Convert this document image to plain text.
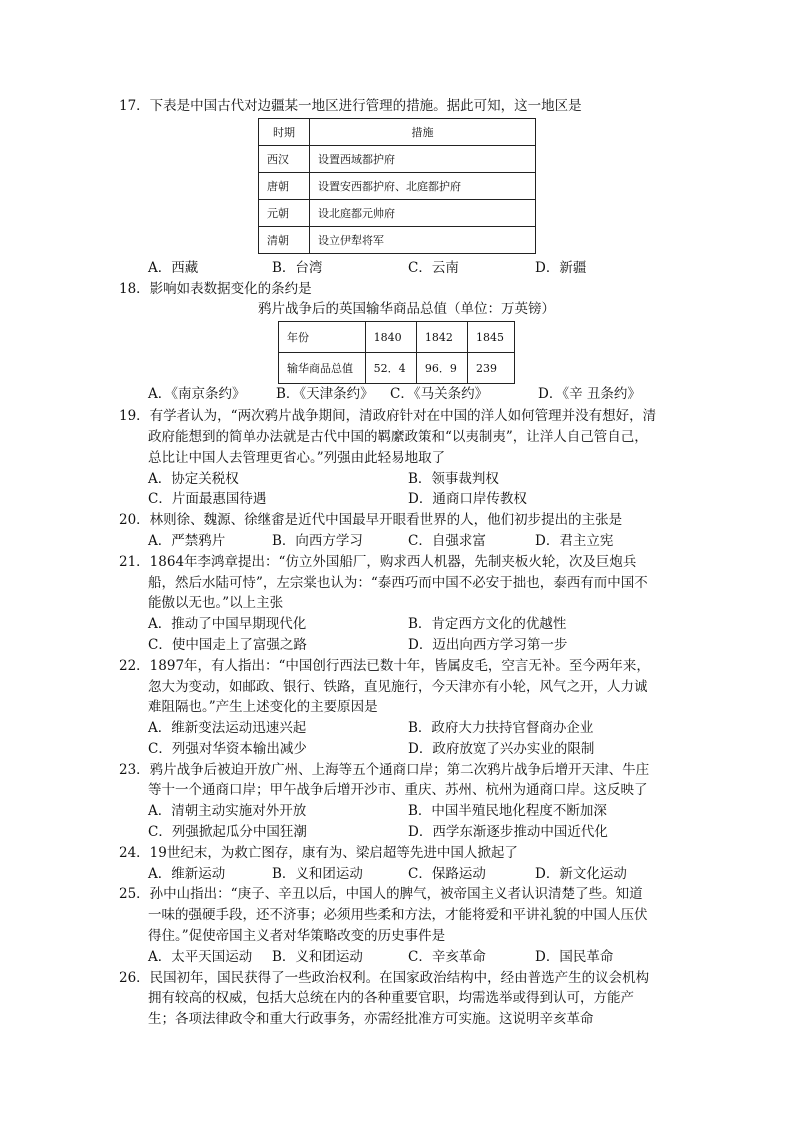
17．下表是中国古代对边疆某一地区进行管理的措施。据此可知，这一地区是
时期	措施
西汉	设置西域都护府
唐朝	设置安西都护府、北庭都护府
元朝	设北庭都元帅府
清朝	设立伊犁将军
A．西藏	B．台湾	C．云南	D．新疆
18．影响如表数据变化的条约是
鸦片战争后的英国输华商品总值（单位：万英镑）
年份	1840	1842	1845
输华商品总值	52．4	96．9	239
A．《南京条约》 B．《天津条约》 C．《马关条约》	D．《辛 丑条约》
19．有学者认为，“两次鸦片战争期间，清政府针对在中国的洋人如何管理并没有想好，清
政府能想到的简单办法就是古代中国的羁縻政策和“以夷制夷”，让洋人自己管自己，
总比让中国人去管理更省心。”列强由此轻易地取了
A．协定关税权	B．领事裁判权
C．片面最惠国待遇	D．通商口岸传教权
20．林则徐、魏源、徐继畬是近代中国最早开眼看世界的人，他们初步提出的主张是
A．严禁鸦片	B．向西方学习	C．自强求富	D．君主立宪
21．1864年李鸿章提出：“仿立外国船厂，购求西人机器，先制夹板火轮，次及巨炮兵
船，然后水陆可恃”，左宗棠也认为：“泰西巧而中国不必安于拙也，泰西有而中国不
能傲以无也。”以上主张
A．推动了中国早期现代化	B．肯定西方文化的优越性
C．使中国走上了富强之路	D．迈出向西方学习第一步
22．1897年，有人指出：“中国创行西法已数十年，皆属皮毛，空言无补。至今两年来，
忽大为变动，如邮政、银行、铁路，直见施行，今天津亦有小轮，风气之开，人力诚
难阻隔也。”产生上述变化的主要原因是
A．维新变法运动迅速兴起	B．政府大力扶持官督商办企业
C．列强对华资本输出减少	D．政府放宽了兴办实业的限制
23．鸦片战争后被迫开放广州、上海等五个通商口岸；第二次鸦片战争后增开天津、牛庄
等十一个通商口岸；甲午战争后增开沙市、重庆、苏州、杭州为通商口岸。这反映了
A．清朝主动实施对外开放	B．中国半殖民地化程度不断加深
C．列强掀起瓜分中国狂潮	D．西学东渐逐步推动中国近代化
24．19世纪末，为救亡图存，康有为、梁启超等先进中国人掀起了
A．维新运动	B．义和团运动	C．保路运动	D．新文化运动
25．孙中山指出：“庚子、辛丑以后，中国人的脾气，被帝国主义者认识清楚了些。知道
一味的强硬手段，还不济事；必须用些柔和方法，才能将爱和平讲礼貌的中国人压伏
得住。”促使帝国主义者对华策略改变的历史事件是
A．太平天国运动 B．义和团运动	C．辛亥革命	D．国民革命
26．民国初年，国民获得了一些政治权利。在国家政治结构中，经由普选产生的议会机构
拥有较高的权威，包括大总统在内的各种重要官职，均需选举或得到认可，方能产
生；各项法律政令和重大行政事务，亦需经批准方可实施。这说明辛亥革命
